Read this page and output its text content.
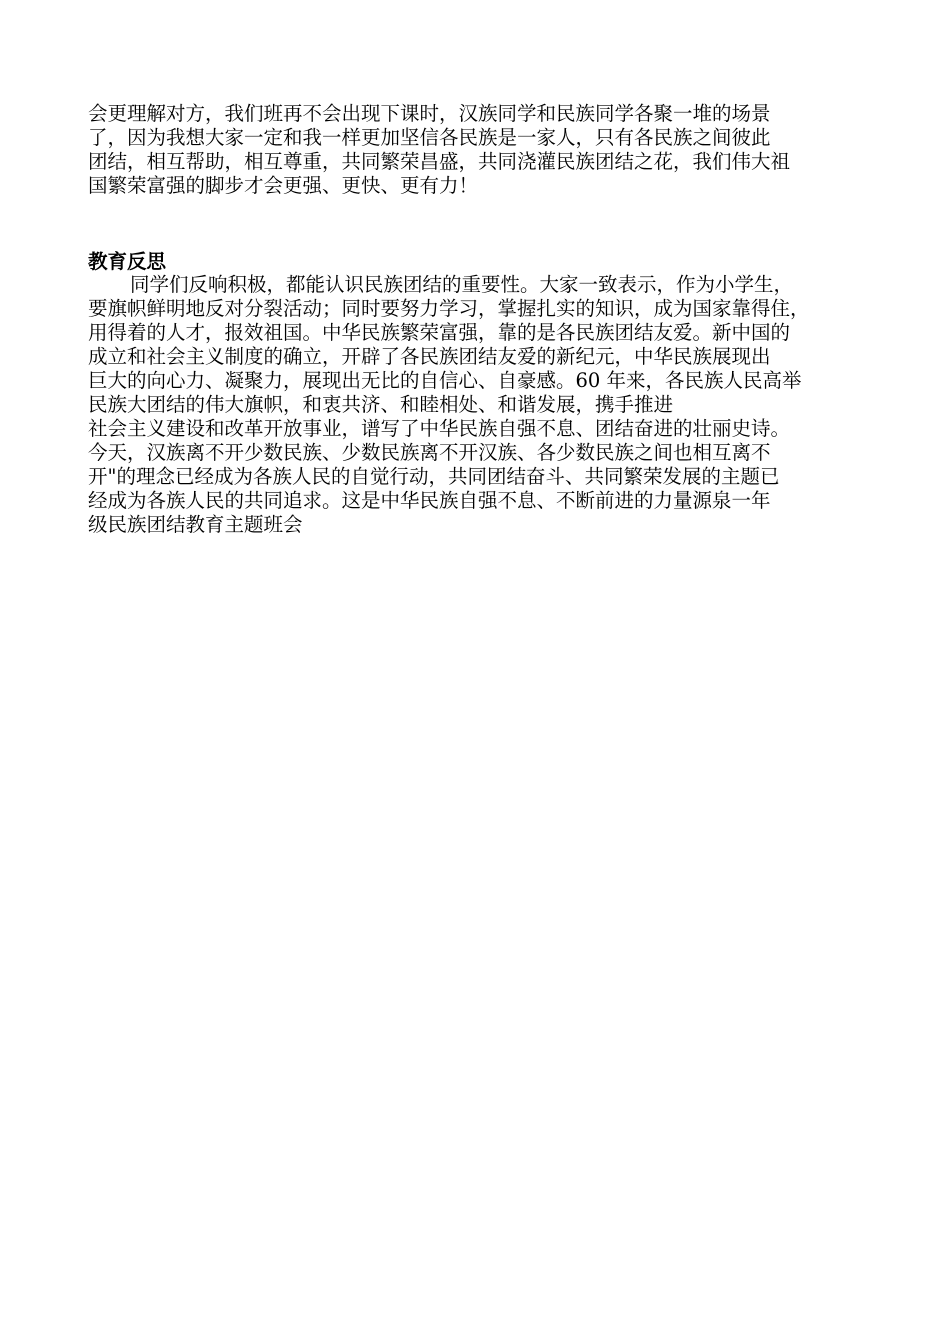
会更理解对方，我们班再不会出现下课时，汉族同学和民族同学各聚一堆的场景
了，因为我想大家一定和我一样更加坚信各民族是一家人，只有各民族之间彼此
团结，相互帮助，相互尊重，共同繁荣昌盛，共同浇灌民族团结之花，我们伟大祖
国繁荣富强的脚步才会更强、更快、更有力！
教育反思
同学们反响积极，都能认识民族团结的重要性。大家一致表示，作为小学生，
要旗帜鲜明地反对分裂活动；同时要努力学习，掌握扎实的知识，成为国家靠得住，
用得着的人才，报效祖国。中华民族繁荣富强，靠的是各民族团结友爱。新中国的
成立和社会主义制度的确立，开辟了各民族团结友爱的新纪元，中华民族展现出
巨大的向心力、凝聚力，展现出无比的自信心、自豪感。60 年来，各民族人民高举
民族大团结的伟大旗帜，和衷共济、和睦相处、和谐发展，携手推进
社会主义建设和改革开放事业，谱写了中华民族自强不息、团结奋进的壮丽史诗。
今天，汉族离不开少数民族、少数民族离不开汉族、各少数民族之间也相互离不
开"的理念已经成为各族人民的自觉行动，共同团结奋斗、共同繁荣发展的主题已
经成为各族人民的共同追求。这是中华民族自强不息、不断前进的力量源泉一年
级民族团结教育主题班会
